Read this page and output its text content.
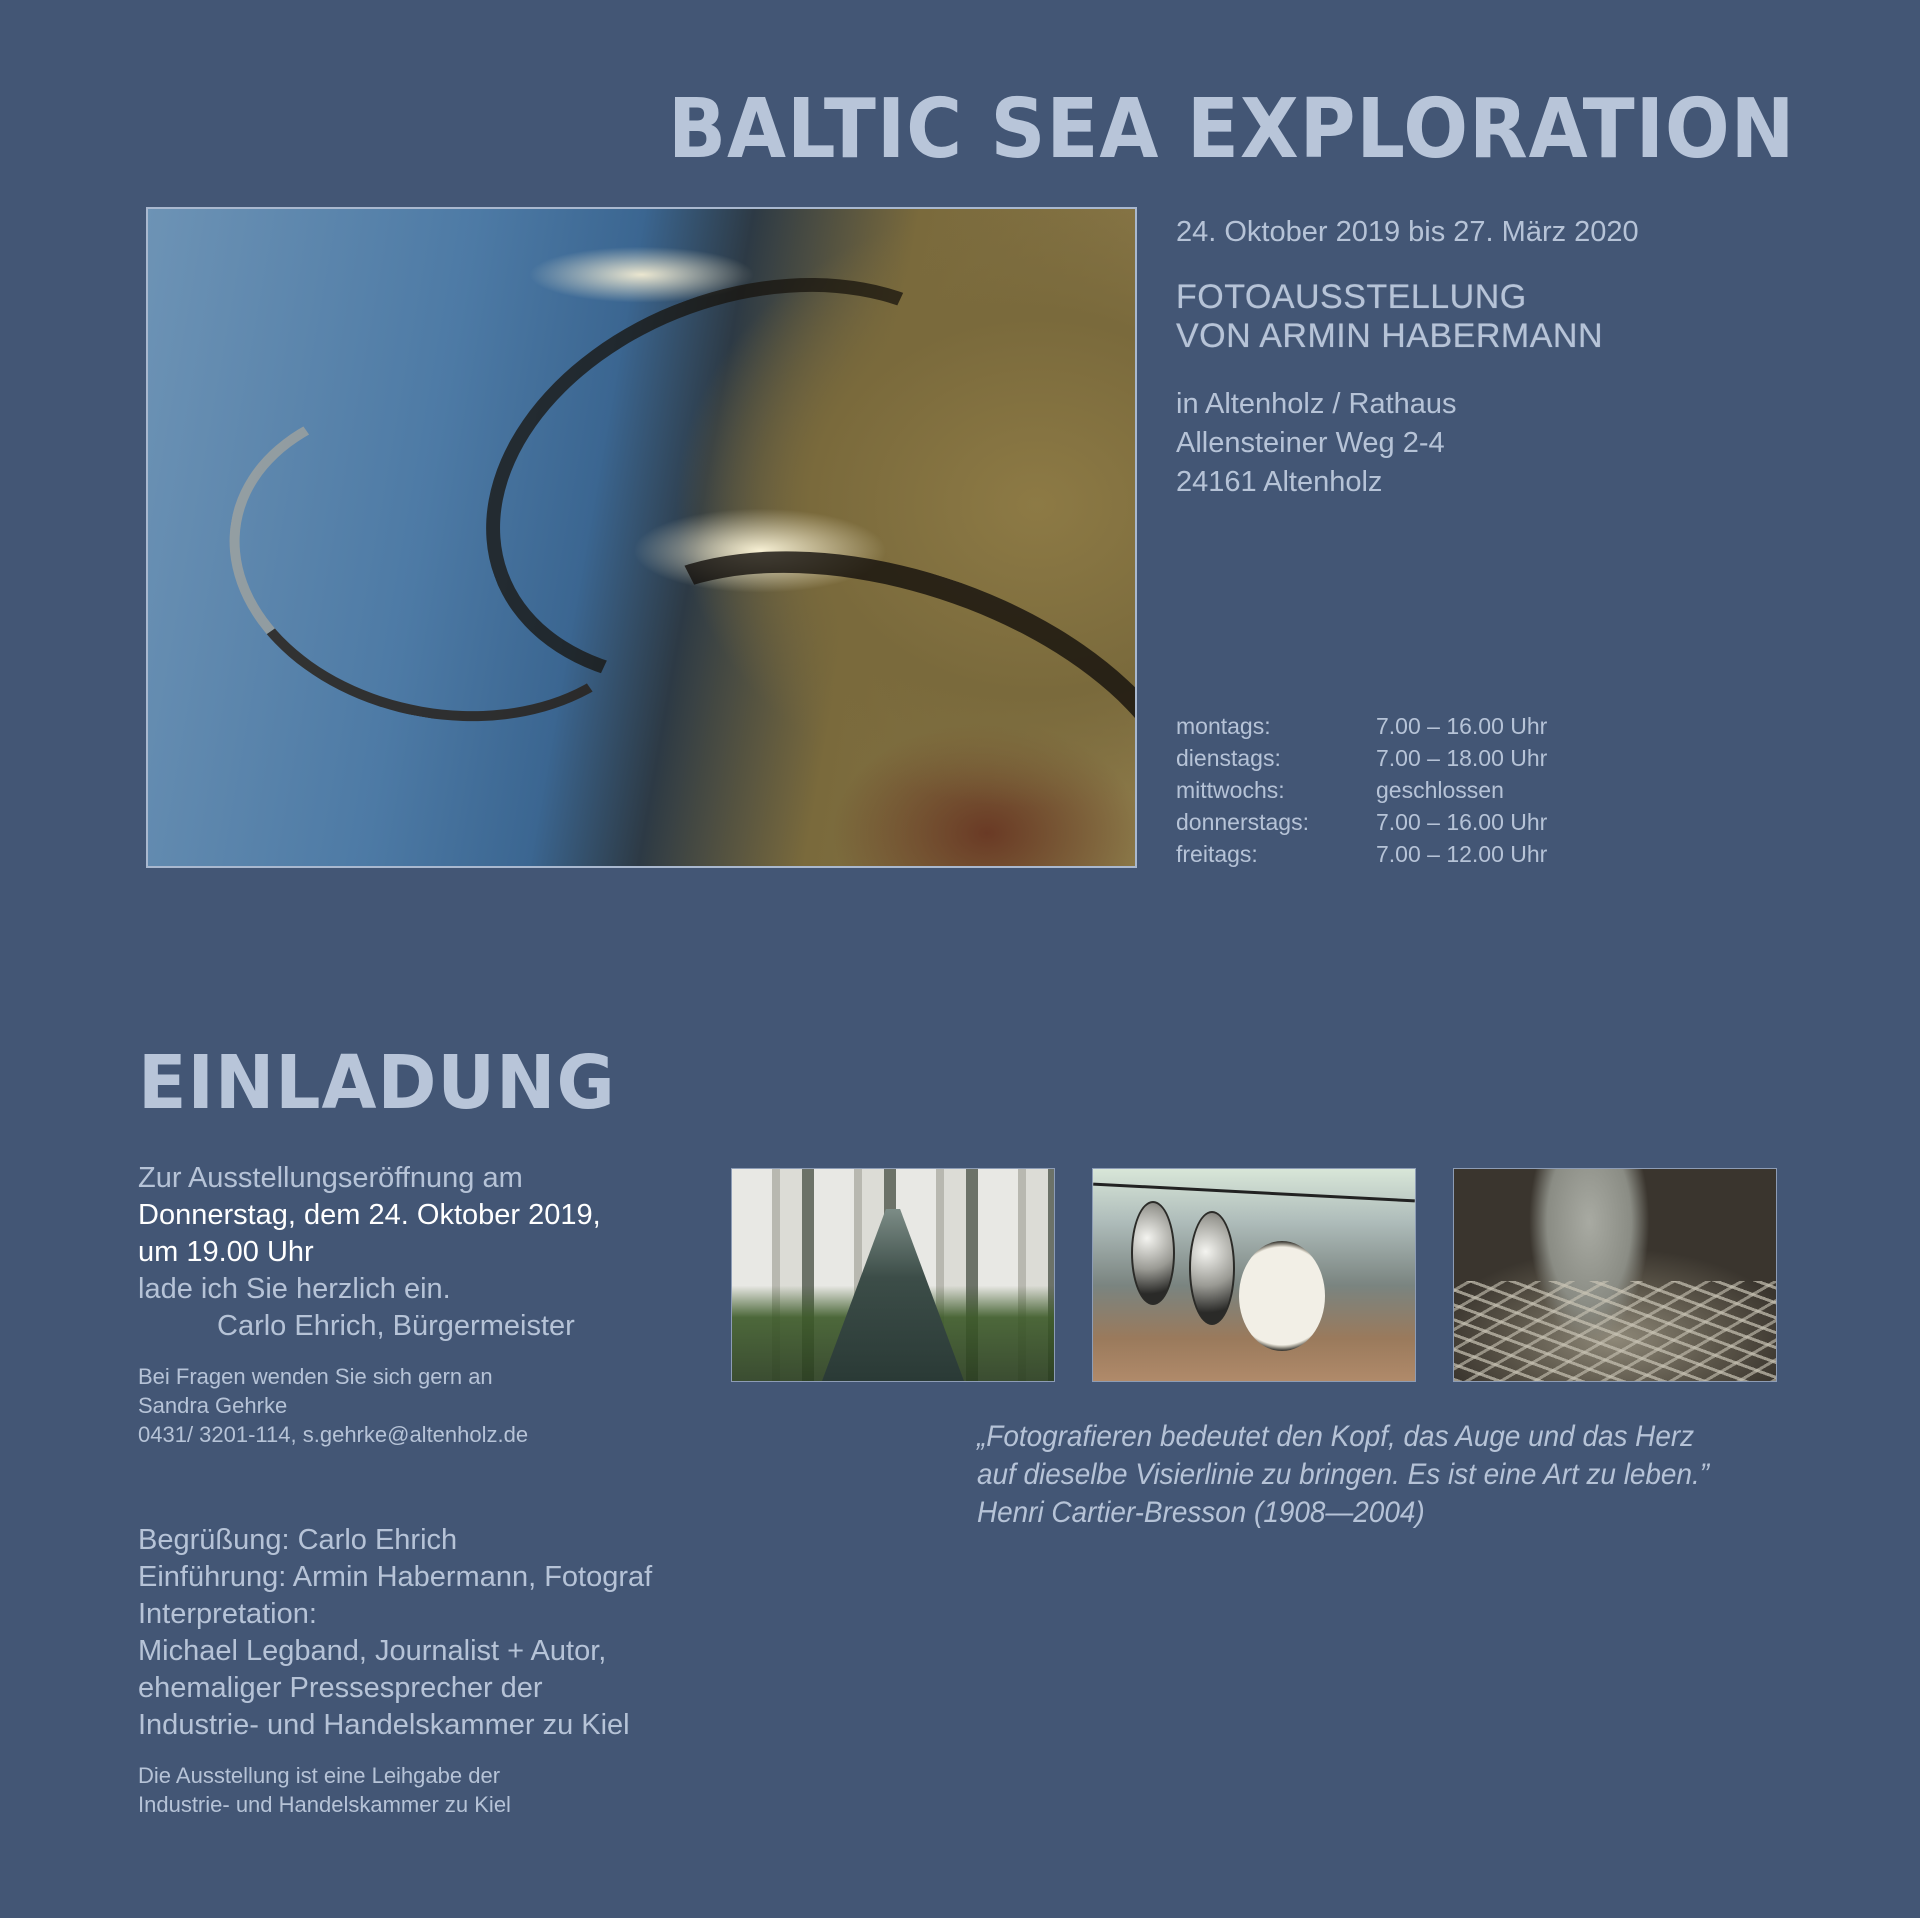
BALTIC SEA EXPLORATION
24. Oktober 2019 bis 27. März 2020
FOTOAUSSTELLUNG
VON ARMIN HABERMANN
in Altenholz / Rathaus
Allensteiner Weg 2-4
24161 Altenholz
montags:	7.00 – 16.00 Uhr
dienstags:	7.00 – 18.00 Uhr
mittwochs:	geschlossen
donnerstags:	7.00 – 16.00 Uhr
freitags:	7.00 – 12.00 Uhr
EINLADUNG
Zur Ausstellungseröffnung am
Donnerstag, dem 24. Oktober 2019,
um 19.00 Uhr
lade ich Sie herzlich ein.
Carlo Ehrich, Bürgermeister
Bei Fragen wenden Sie sich gern an
Sandra Gehrke
0431/ 3201-114, s.gehrke@altenholz.de
Begrüßung: Carlo Ehrich
Einführung: Armin Habermann, Fotograf
Interpretation:
Michael Legband, Journalist + Autor,
ehemaliger Pressesprecher der
Industrie- und Handelskammer zu Kiel
Die Ausstellung ist eine Leihgabe der
Industrie- und Handelskammer zu Kiel
„Fotografieren bedeutet den Kopf, das Auge und das Herz
auf dieselbe Visierlinie zu bringen. Es ist eine Art zu leben.”
Henri Cartier-Bresson (1908—2004)
